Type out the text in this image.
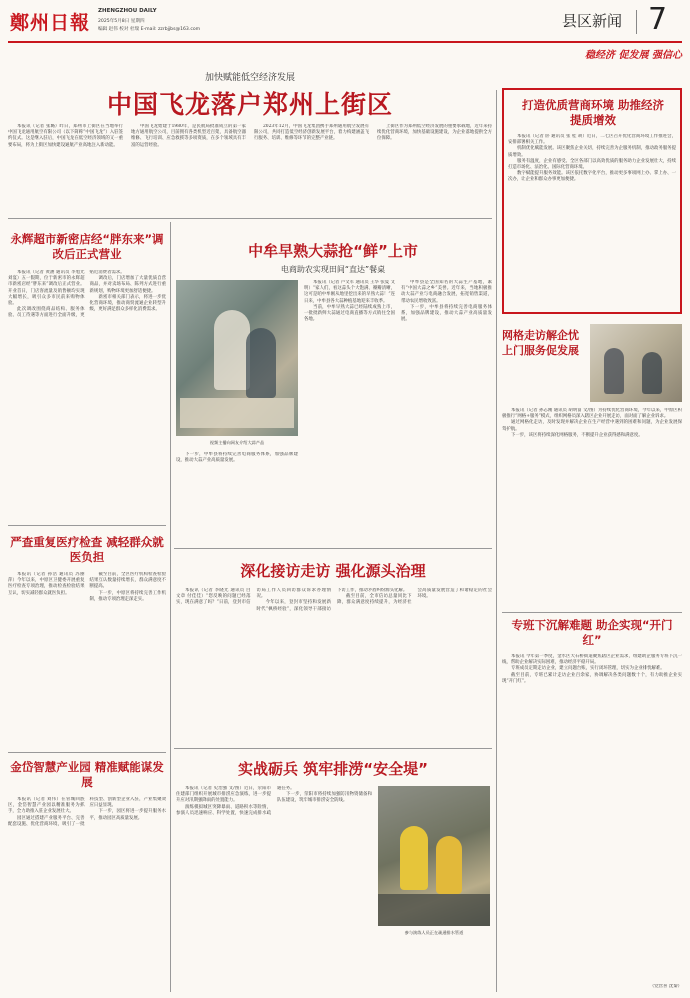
鄭州日報
ZHENGZHOU DAILY
2025年5月8日 星期四
编辑 赵伟 校对 杜瑞 E-mail: zzrbjjbs@163.com	县区新闻 7
稳经济 促发展 强信心
加快赋能低空经济发展
中国飞龙落户郑州上街区

本报讯（记者 张璐）昨日，郑州市上街区在当地举行中国飞龙通用航空有限公司（以下简称“中国飞龙”）入驻签约仪式。这是继入驻后，中国飞龙在低空经济领域的又一重要布局，将为上街区加快建设通航产业高地注入新动能。

中国飞龙始建于1980年，是民航局批准成立的第一家地方通用航空公司，目前拥有各类机型近百架，具备航空器维修、飞行培训、应急救援等多项资质，在多个领域具有丰富的运营经验。

2023年12月，中国飞龙集团携手郑州通用航空发展有限公司，共同打造低空经济创新发展平台，着力构建涵盖飞行服务、培训、维修等环节的完整产业链。

上街区作为郑州低空经济发展的重要承载地，近年来持续优化营商环境，加快基础设施建设，为企业落地提供全方位保障。

永辉超市新密店经“胖东来”调改后正式营业

本报讯（记者 黄涵 通讯员 李旭光 刘宴）五一假期，位于新密市的永辉超市新密店经“胖东来”调改后正式营业。开业首日，门店客流量及销售额均实现大幅增长，吸引众多市民前来购物体验。

此次调改围绕商品结构、服务体验、员工待遇等方面进行全面升级，更贴近消费者需求。

调改后，门店增加了大量优质自营商品，并对卖场布局、陈列方式进行重新规划，购物环境更加舒适便捷。

新密市相关部门表示，将进一步优化营商环境，推动商贸流通企业转型升级，更好满足群众多样化消费需求。

严查重复医疗检查 减轻群众就医负担

本报讯（记者 孙浩 通讯员 苏丽萍）今年以来，中原区卫健委开展重复医疗检查专项治理，推动检查检验结果互认，切实减轻群众就医负担。

截至目前，全区医疗机构检查检验结果互认数量持续增长，群众满意度不断提高。

下一步，中原区将持续完善工作机制，推动专项治理走深走实。

金岱智慧产业园 精准赋能谋发展

本报讯（记者 刘伟）在管城回族区，金岱智慧产业园以精准服务为抓手，全力助推入驻企业发展壮大。

园区通过搭建产业服务平台、完善配套设施、优化营商环境，吸引了一批科技型、创新型企业入驻，产业集聚效应日益显现。

下一步，园区将进一步提升服务水平，推动园区高质量发展。

中牟早熟大蒜抢“鲜”上市
电商助农实现田间“直达”餐桌
视频主播向网友介绍大蒜产品

本报讯（记者 卢文军 通讯员 王华 张夏 文明）“家人们，看这蒜头个大饱满、瓣瓣清晰，这可是咱中牟刚从地里挖出来的早熟大蒜！”连日来，中牟县各大蒜种植基地迎来丰收季。

当前，中牟早熟大蒜已经陆续成熟上市，一批批新鲜大蒜通过电商直播等方式销往全国各地。

中牟县是全国知名的大蒜生产基地，素有“中国大蒜之乡”美誉。近年来，当地积极推动大蒜产业与电商融合发展，拓宽销售渠道，带动农民增收致富。

下一步，中牟县将持续完善电商服务体系，加强品牌建设，推动大蒜产业高质量发展。

下一步，中牟县将持续完善电商服务体系，加强品牌建设，推动大蒜产业高质量发展。

深化接访走访 强化源头治理

本报讯（记者 李晓光 通讯员 白文章 付佳佳）“您反映的问题已经落实，现在满意了吗？”日前，登封市信访局工作人员回访群众诉求办理情况。

今年以来，登封市坚持和发展新时代“枫桥经验”，深化领导干部接访下访工作，推动矛盾纠纷源头化解。

截至目前，全市信访总量同比下降，群众满意度持续提升，为经济社会高质量发展营造了和谐稳定的社会环境。

实战砺兵 筑牢排涝“安全堤”

本报讯（记者 史治强 文/图）近日，荥阳市住建部门组织开展城市排涝应急演练，进一步提升应对汛期强降雨的处置能力。

演练模拟城区突降暴雨、道路积水等险情，参演人员迅速响应、科学处置，快速完成排水疏通任务。

下一步，荥阳市将持续加强防汛物资储备和队伍建设，筑牢城市排涝安全防线。

参与演练人员正在疏通排水管道
打造优质营商环境 助推经济提质增效

本报讯（记者 卧 通讯员 张 桂 胡）近日，二七区召开优化营商环境工作推进会，安排部署相关工作。

机制优化赋能发展。该区聚焦企业关切，持续完善为企服务机制，推动政务服务提质增效。

服务有温度，企业有感受。全区各部门以高效优质的服务助力企业发展壮大，持续打造市场化、法治化、国际化营商环境。

数字赋能提升服务效能。该区依托数字化平台，推动更多事项网上办、掌上办、一次办，让企业和群众办事更加便捷。

网格走访解企忧 上门服务促发展

本报讯（记者 孙志刚 通讯员 胡明富 文/图）为持续优化营商环境，今年以来，中原区积极推行“网格+服务”模式，组织网格员深入辖区企业开展走访，面对面了解企业诉求。

通过网格化走访，及时发现并解决企业在生产经营中遇到的困难和问题，为企业发展保驾护航。

下一步，该区将持续深化网格服务，不断提升企业获得感和满意度。

专班下沉解难题 助企实现“开门红”

本报讯 今年第一季度，金水区大石桥街道聚焦辖区企业需求，组建助企服务专班下沉一线，帮助企业解决实际困难，推动经济平稳开局。

专班成员定期走访企业，建立问题台账，实行闭环管理，切实为企业排忧解难。

截至目前，专班已累计走访企业百余家，协调解决各类问题数十个，有力助推企业实现“开门红”。

（党营喜 沈秦）
